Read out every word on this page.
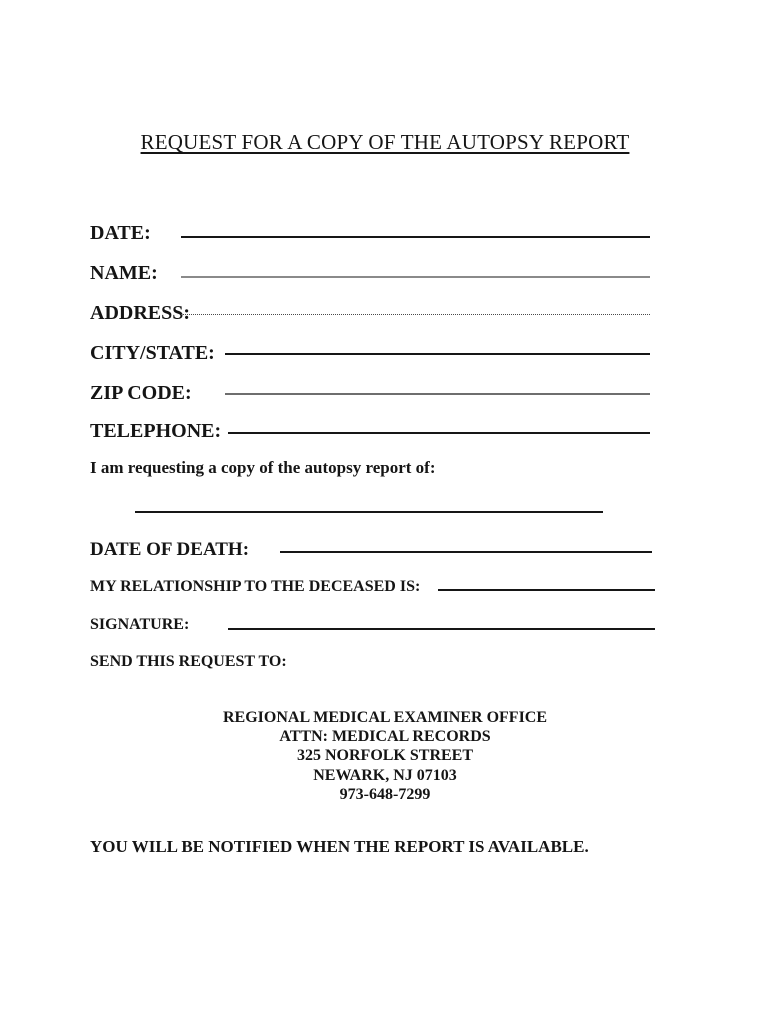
REQUEST FOR A COPY OF THE AUTOPSY REPORT
DATE:
NAME:
ADDRESS:
CITY/STATE:
ZIP CODE:
TELEPHONE:
I am requesting a copy of the autopsy report of:
DATE OF DEATH:
MY RELATIONSHIP TO THE DECEASED IS:
SIGNATURE:
SEND THIS REQUEST TO:
REGIONAL MEDICAL EXAMINER OFFICE
ATTN: MEDICAL RECORDS
325 NORFOLK STREET
NEWARK, NJ 07103
973-648-7299
YOU WILL BE NOTIFIED WHEN THE REPORT IS AVAILABLE.
